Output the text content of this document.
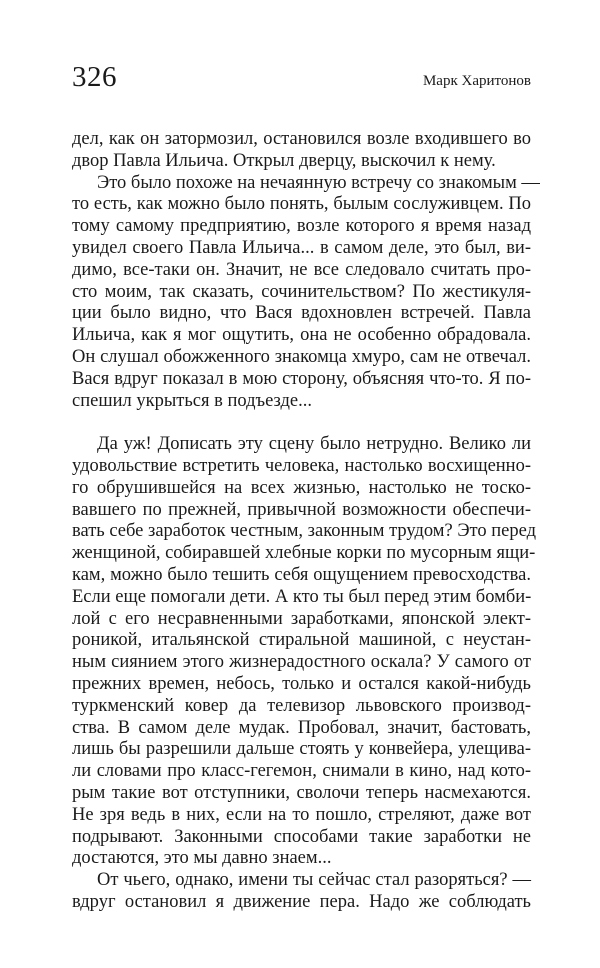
326	Марк Харитонов
дел, как он затормозил, остановился возле входившего во
двор Павла Ильича. Открыл дверцу, выскочил к нему.
Это было похоже на нечаянную встречу со знакомым —
то есть, как можно было понять, былым сослуживцем. По
тому самому предприятию, возле которого я время назад
увидел своего Павла Ильича... в самом деле, это был, ви-
димо, все-таки он. Значит, не все следовало считать про-
сто моим, так сказать, сочинительством? По жестикуля-
ции было видно, что Вася вдохновлен встречей. Павла
Ильича, как я мог ощутить, она не особенно обрадовала.
Он слушал обожженного знакомца хмуро, сам не отвечал.
Вася вдруг показал в мою сторону, объясняя что-то. Я по-
спешил укрыться в подъезде...
Да уж! Дописать эту сцену было нетрудно. Велико ли
удовольствие встретить человека, настолько восхищенно-
го обрушившейся на всех жизнью, настолько не тоско-
вавшего по прежней, привычной возможности обеспечи-
вать себе заработок честным, законным трудом? Это перед
женщиной, собиравшей хлебные корки по мусорным ящи-
кам, можно было тешить себя ощущением превосходства.
Если еще помогали дети. А кто ты был перед этим бомби-
лой с его несравненными заработками, японской элект-
роникой, итальянской стиральной машиной, с неустан-
ным сиянием этого жизнерадостного оскала? У самого от
прежних времен, небось, только и остался какой-нибудь
туркменский ковер да телевизор львовского производ-
ства. В самом деле мудак. Пробовал, значит, бастовать,
лишь бы разрешили дальше стоять у конвейера, улещива-
ли словами про класс-гегемон, снимали в кино, над кото-
рым такие вот отступники, сволочи теперь насмехаются.
Не зря ведь в них, если на то пошло, стреляют, даже вот
подрывают. Законными способами такие заработки не
достаются, это мы давно знаем...
От чьего, однако, имени ты сейчас стал разоряться? —
вдруг остановил я движение пера. Надо же соблюдать
